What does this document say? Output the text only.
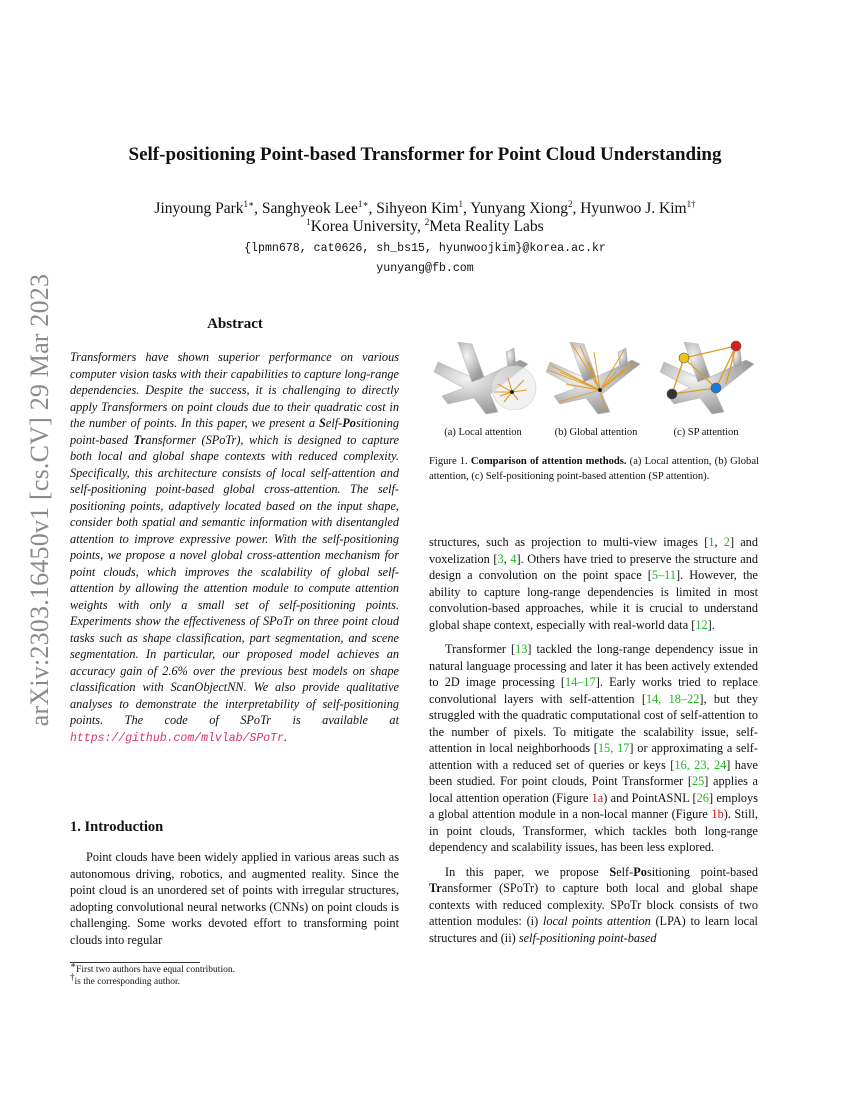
arXiv:2303.16450v1 [cs.CV] 29 Mar 2023
Self-positioning Point-based Transformer for Point Cloud Understanding
Jinyoung Park$^{1∗}$, Sanghyeok Lee$^{1∗}$, Sihyeon Kim$^1$, Yunyang Xiong$^2$, Hyunwoo J. Kim$^{1\dagger}$
$^1$Korea University, $^2$Meta Reality Labs
{lpmn678, cat0626, sh_bs15, hyunwoojkim}@korea.ac.kr
yunyang@fb.com
Abstract
Transformers have shown superior performance on various computer vision tasks with their capabilities to capture long-range dependencies. Despite the success, it is challenging to directly apply Transformers on point clouds due to their quadratic cost in the number of points. In this paper, we present a Self-Positioning point-based Transformer (SPoTr), which is designed to capture both local and global shape contexts with reduced complexity. Specifically, this architecture consists of local self-attention and self-positioning point-based global cross-attention. The self-positioning points, adaptively located based on the input shape, consider both spatial and semantic information with disentangled attention to improve expressive power. With the self-positioning points, we propose a novel global cross-attention mechanism for point clouds, which improves the scalability of global self-attention by allowing the attention module to compute attention weights with only a small set of self-positioning points. Experiments show the effectiveness of SPoTr on three point cloud tasks such as shape classification, part segmentation, and scene segmentation. In particular, our proposed model achieves an accuracy gain of 2.6% over the previous best models on shape classification with ScanObjectNN. We also provide qualitative analyses to demonstrate the interpretability of self-positioning points. The code of SPoTr is available at https://github.com/mlvlab/SPoTr.
1. Introduction
Point clouds have been widely applied in various areas such as autonomous driving, robotics, and augmented reality. Since the point cloud is an unordered set of points with irregular structures, adopting convolutional neural networks (CNNs) on point clouds is challenging. Some works devoted effort to transforming point clouds into regular
∗First two authors have equal contribution.
†is the corresponding author.
(a) Local attention	(b) Global attention	(c) SP attention
Figure 1. Comparison of attention methods. (a) Local attention, (b) Global attention, (c) Self-positioning point-based attention (SP attention).

structures, such as projection to multi-view images [1, 2] and voxelization [3, 4]. Others have tried to preserve the structure and design a convolution on the point space [5–11]. However, the ability to capture long-range dependencies is limited in most convolution-based approaches, while it is crucial to understand global shape context, especially with real-world data [12].

Transformer [13] tackled the long-range dependency issue in natural language processing and later it has been actively extended to 2D image processing [14–17]. Early works tried to replace convolutional layers with self-attention [14, 18–22], but they struggled with the quadratic computational cost of self-attention to the number of pixels. To mitigate the scalability issue, self-attention in local neighborhoods [15, 17] or approximating a self-attention with a reduced set of queries or keys [16, 23, 24] have been studied. For point clouds, Point Transformer [25] applies a local attention operation (Figure 1a) and PointASNL [26] employs a global attention module in a non-local manner (Figure 1b). Still, in point clouds, Transformer, which tackles both long-range dependency and scalability issues, has been less explored.

In this paper, we propose Self-Positioning point-based Transformer (SPoTr) to capture both local and global shape contexts with reduced complexity. SPoTr block consists of two attention modules: (i) local points attention (LPA) to learn local structures and (ii) self-positioning point-based
